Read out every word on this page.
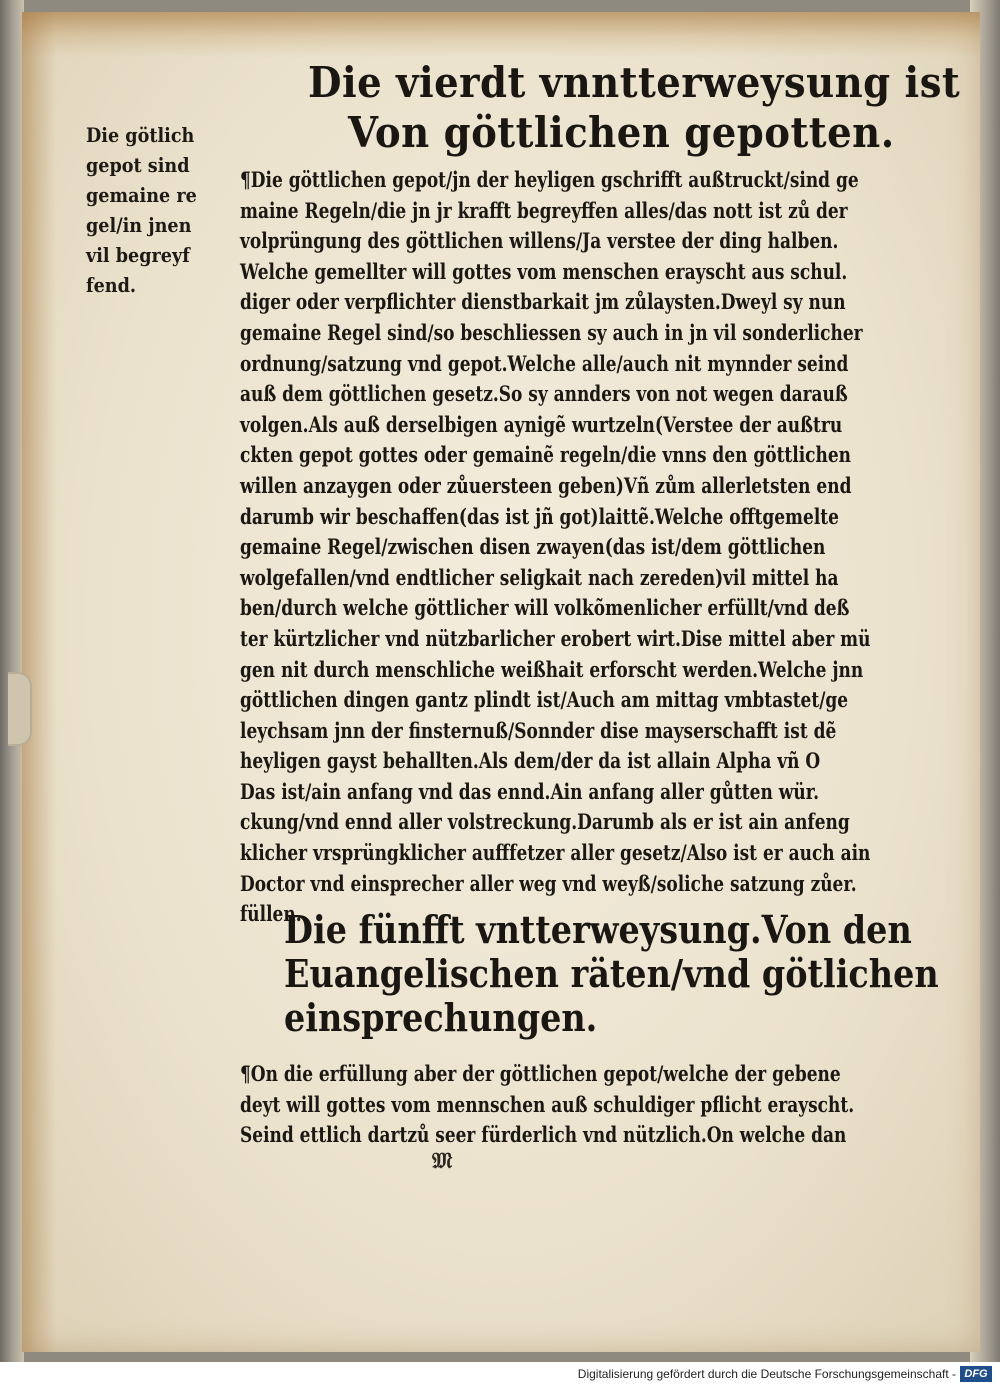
Die vierdt vnntterweysung ist
Von göttlichen gepotten.
Die götlich
gepot sind
gemaine re
gel/in jnen
vil begreyf
fend.
¶Die göttlichen gepot/jn der heyligen gschrifft außtruckt/sind ge
maine Regeln/die jn jr krafft begreyffen alles/das nott ist zů der
volprüngung des göttlichen willens/Ja verstee der ding halben.
Welche gemellter will gottes vom menschen erayscht aus schul.
diger oder verpflichter dienstbarkait jm zůlaysten.Dweyl sy nun
gemaine Regel sind/so beschliessen sy auch in jn vil sonderlicher
ordnung/satzung vnd gepot.Welche alle/auch nit mynnder seind
auß dem göttlichen gesetz.So sy annders von not wegen darauß
volgen.Als auß derselbigen aynigẽ wurtzeln(Verstee der außtru
ckten gepot gottes oder gemainẽ regeln/die vnns den göttlichen
willen anzaygen oder zůuersteen geben)Vñ zům allerletsten end
darumb wir beschaffen(das ist jñ got)laittẽ.Welche offtgemelte
gemaine Regel/zwischen disen zwayen(das ist/dem göttlichen
wolgefallen/vnd endtlicher seligkait nach zereden)vil mittel ha
ben/durch welche göttlicher will volkõmenlicher erfüllt/vnd deß
ter kürtzlicher vnd nützbarlicher erobert wirt.Dise mittel aber mü
gen nit durch menschliche weißhait erforscht werden.Welche jnn
göttlichen dingen gantz plindt ist/Auch am mittag vmbtastet/ge
leychsam jnn der finsternuß/Sonnder dise mayserschafft ist dẽ
heyligen gayst behallten.Als dem/der da ist allain Alpha vñ O
Das ist/ain anfang vnd das ennd.Ain anfang aller gůtten wür.
ckung/vnd ennd aller volstreckung.Darumb als er ist ain anfeng
klicher vrsprüngklicher aufffetzer aller gesetz/Also ist er auch ain
Doctor vnd einsprecher aller weg vnd weyß/soliche satzung zůer.
füllen.
Die fünfft vntterweysung.Von den
Euangelischen räten/vnd götlichen
einsprechungen.
¶On die erfüllung aber der göttlichen gepot/welche der gebene
deyt will gottes vom mennschen auß schuldiger pflicht erayscht.
Seind ettlich dartzů seer fürderlich vnd nützlich.On welche dan
𝔐
Digitalisierung gefördert durch die Deutsche Forschungsgemeinschaft - DFG
